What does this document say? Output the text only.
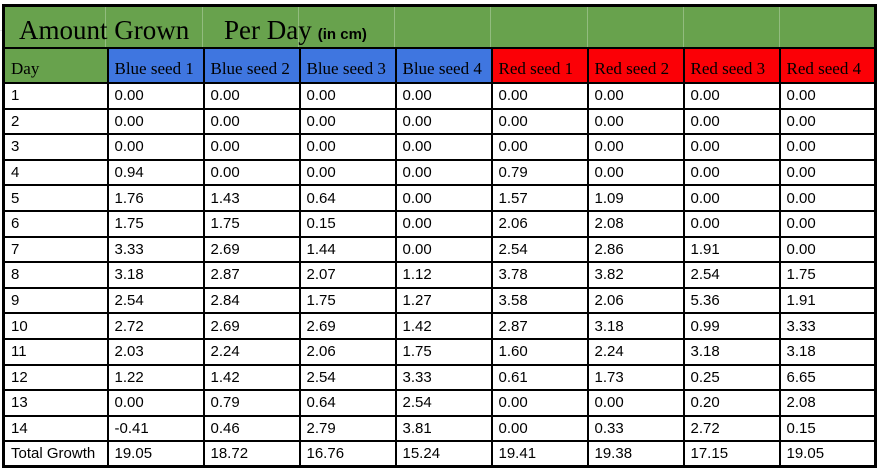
Amount Grown Per Day (in cm)								

Day	Blue seed 1	Blue seed 2	Blue seed 3	Blue seed 4	Red seed 1	Red seed 2	Red seed 3	Red seed 4
1	0.00	0.00	0.00	0.00	0.00	0.00	0.00	0.00
2	0.00	0.00	0.00	0.00	0.00	0.00	0.00	0.00
3	0.00	0.00	0.00	0.00	0.00	0.00	0.00	0.00
4	0.94	0.00	0.00	0.00	0.79	0.00	0.00	0.00
5	1.76	1.43	0.64	0.00	1.57	1.09	0.00	0.00
6	1.75	1.75	0.15	0.00	2.06	2.08	0.00	0.00
7	3.33	2.69	1.44	0.00	2.54	2.86	1.91	0.00
8	3.18	2.87	2.07	1.12	3.78	3.82	2.54	1.75
9	2.54	2.84	1.75	1.27	3.58	2.06	5.36	1.91
10	2.72	2.69	2.69	1.42	2.87	3.18	0.99	3.33
11	2.03	2.24	2.06	1.75	1.60	2.24	3.18	3.18
12	1.22	1.42	2.54	3.33	0.61	1.73	0.25	6.65
13	0.00	0.79	0.64	2.54	0.00	0.00	0.20	2.08
14	-0.41	0.46	2.79	3.81	0.00	0.33	2.72	0.15
Total Growth	19.05	18.72	16.76	15.24	19.41	19.38	17.15	19.05
